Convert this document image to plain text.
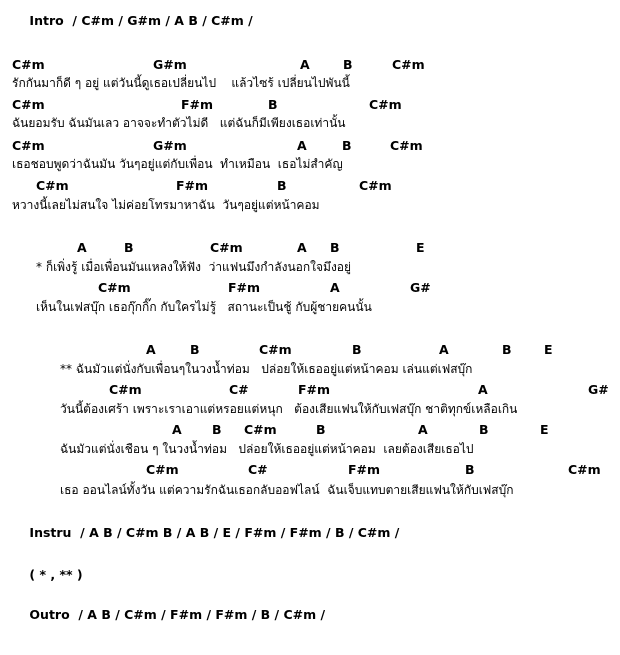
Intro  / C#m / G#m / A B / C#m /

C#m

	G#m

	A

	B

	C#m

รักกันมาก็ดี ๆ อยู่ แต่วันนี้ดูเธอเปลี่ยนไป    แล้วไซร้ เปลี่ยนไปพันนี้

C#m

	F#m

	B

	C#m

ฉันยอมรับ ฉันมันเลว อาจจะทำตัวไม่ดี   แต่ฉันก็มีเพียงเธอเท่านั้น

C#m

	G#m

	A

	B

	C#m

เธอชอบพูดว่าฉันมัน วันๆอยู่แต่กับเพื่อน  ทำเหมือน  เธอไม่สำคัญ

C#m

	F#m

	B

	C#m

หวางนี้เลยไม่สนใจ ไม่ค่อยโทรมาหาฉัน  วันๆอยู่แต่หน้าคอม

A

	B

	C#m

	A

B

	E

* ก็เพิ่งรู้ เมื่อเพื่อนมันแหลงให้ฟัง  ว่าแฟนมึงกำลังนอกใจมึงอยู่

C#m

	F#m

	A

	G#

เห็นในเฟสบุ๊ก เธอกุ๊กกิ๊ก กับใครไม่รู้   สถานะเป็นชู้ กับผู้ชายคนนั้น

A

	B

	C#m

	B

	A

	B

	E

** ฉันมัวแต่นั่งกับเพื่อนๆในวงน้ำท่อม   ปล่อยให้เธออยู่แต่หน้าคอม เล่นแต่เฟสบุ๊ก

C#m

	C#

	F#m

	A

	G#

วันนี้ต้องเศร้า เพราะเราเอาแต่หรอยแต่หนุก   ต้องเสียแฟนให้กับเฟสบุ๊ก ชาติทุกข์เหลือเกิน

A

B

C#m

	B

	A

	B

	E

ฉันมัวแต่นั่งเชือน ๆ ในวงน้ำท่อม   ปล่อยให้เธออยู่แต่หน้าคอม  เลยต้องเสียเธอไป

C#m

	C#

	F#m

	B

	C#m

เธอ ออนไลน์ทั้งวัน แต่ความรักฉันเธอกลับออฟไลน์  ฉันเจ็บแทบตายเสียแฟนให้กับเฟสบุ๊ก

Instru  / A B / C#m B / A B / E / F#m / F#m / B / C#m /

( * , ** )

Outro  / A B / C#m / F#m / F#m / B / C#m /
